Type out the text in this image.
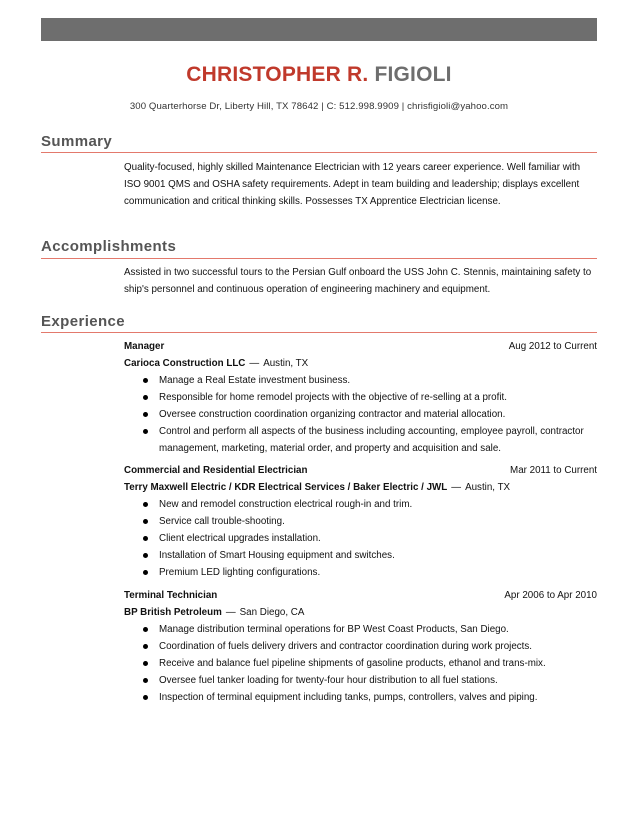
CHRISTOPHER R. FIGIOLI
300 Quarterhorse Dr, Liberty Hill, TX 78642 | C: 512.998.9909 | chrisfigioli@yahoo.com
Summary
Quality-focused, highly skilled Maintenance Electrician with 12 years career experience. Well familiar with ISO 9001 QMS and OSHA safety requirements. Adept in team building and leadership; displays excellent communication and critical thinking skills. Possesses TX Apprentice Electrician license.
Accomplishments
Assisted in two successful tours to the Persian Gulf onboard the USS John C. Stennis, maintaining safety to ship's personnel and continuous operation of engineering machinery and equipment.
Experience
Manager	Aug 2012 to Current
Carioca Construction LLC — Austin, TX
Manage a Real Estate investment business.
Responsible for home remodel projects with the objective of re-selling at a profit.
Oversee construction coordination organizing contractor and material allocation.
Control and perform all aspects of the business including accounting, employee payroll, contractor management, marketing, material order, and property and acquisition and sale.
Commercial and Residential Electrician	Mar 2011 to Current
Terry Maxwell Electric / KDR Electrical Services / Baker Electric / JWL — Austin, TX
New and remodel construction electrical rough-in and trim.
Service call trouble-shooting.
Client electrical upgrades installation.
Installation of Smart Housing equipment and switches.
Premium LED lighting configurations.
Terminal Technician	Apr 2006 to Apr 2010
BP British Petroleum — San Diego, CA
Manage distribution terminal operations for BP West Coast Products, San Diego.
Coordination of fuels delivery drivers and contractor coordination during work projects.
Receive and balance fuel pipeline shipments of gasoline products, ethanol and trans-mix.
Oversee fuel tanker loading for twenty-four hour distribution to all fuel stations.
Inspection of terminal equipment including tanks, pumps, controllers, valves and piping.
